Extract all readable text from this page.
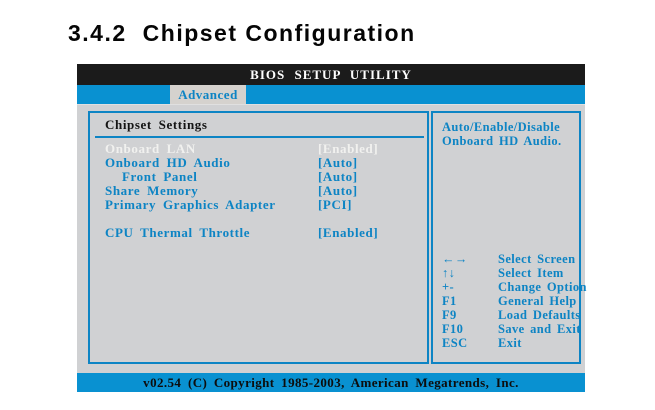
3.4.2 Chipset Configuration
BIOS SETUP UTILITY
Advanced
Chipset Settings
Onboard LAN	[Enabled]
Onboard HD Audio	[Auto]
Front Panel	[Auto]
Share Memory	[Auto]
Primary Graphics Adapter	[PCI]
CPU Thermal Throttle	[Enabled]
Auto/Enable/Disable
Onboard HD Audio.
←→	Select Screen
↑↓	Select Item
+-	Change Option
F1	General Help
F9	Load Defaults
F10	Save and Exit
ESC	Exit
v02.54 (C) Copyright 1985-2003, American Megatrends, Inc.
